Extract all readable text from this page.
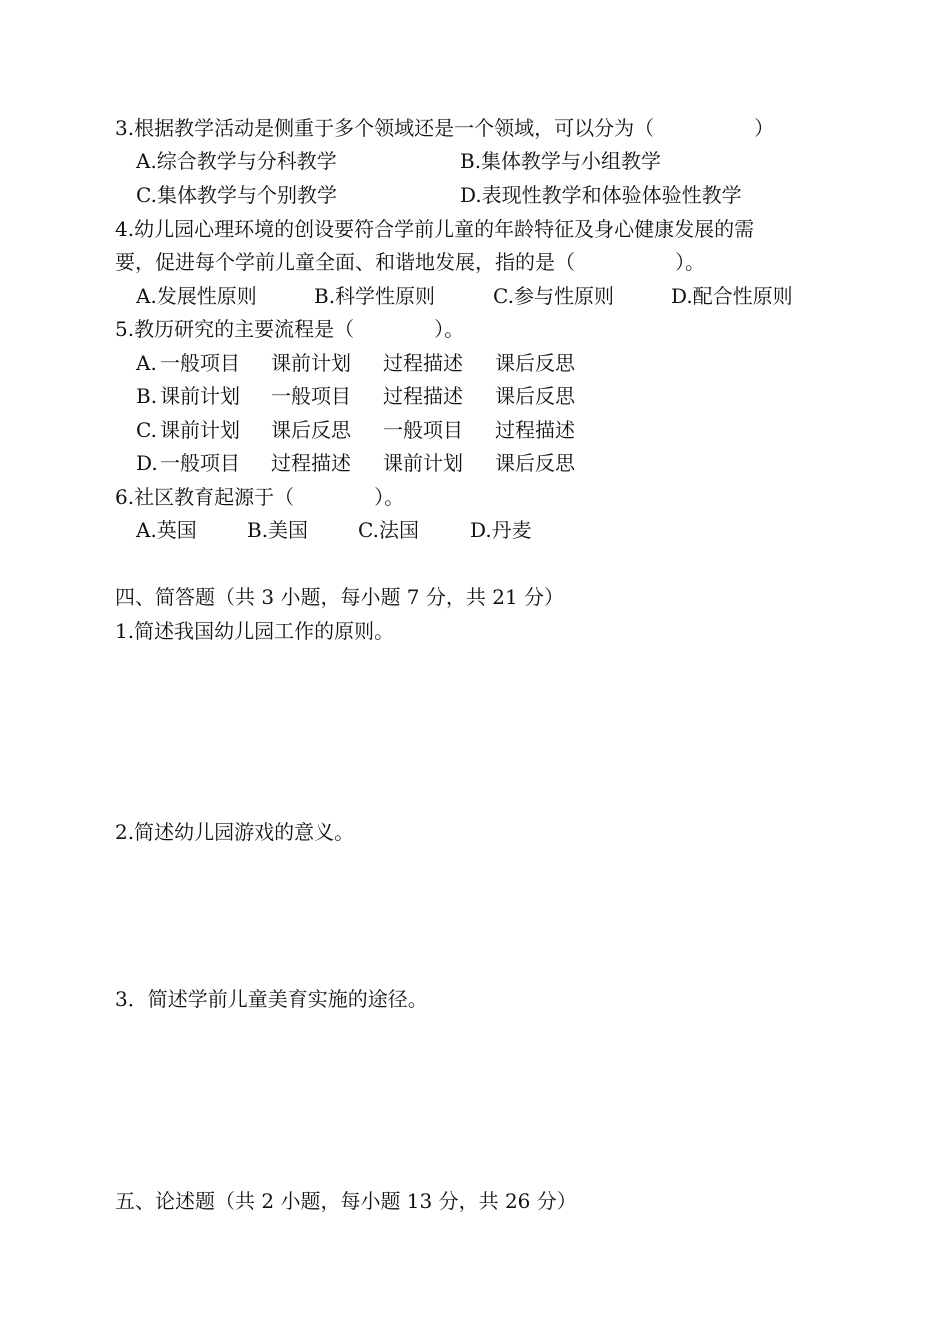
3.根据教学活动是侧重于多个领域还是一个领域，可以分为（　　　　　）
A.综合教学与分科教学	B.集体教学与小组教学
C.集体教学与个别教学	D.表现性教学和体验体验性教学
4.幼儿园心理环境的创设要符合学前儿童的年龄特征及身心健康发展的需
要，促进每个学前儿童全面、和谐地发展，指的是（　　　　　）。
A.发展性原则	B.科学性原则	C.参与性原则	D.配合性原则
5.教历研究的主要流程是（　　　　）。
A. 一般项目	课前计划	过程描述	课后反思
B. 课前计划	一般项目	过程描述	课后反思
C. 课前计划	课后反思	一般项目	过程描述
D. 一般项目	过程描述	课前计划	课后反思
6.社区教育起源于（　　　　）。
A.英国	B.美国 C.法国	D.丹麦
四、简答题（共 3 小题，每小题 7 分，共 21 分）
1.简述我国幼儿园工作的原则。
2.简述幼儿园游戏的意义。
3．简述学前儿童美育实施的途径。
五、论述题（共 2 小题，每小题 13 分，共 26 分）
